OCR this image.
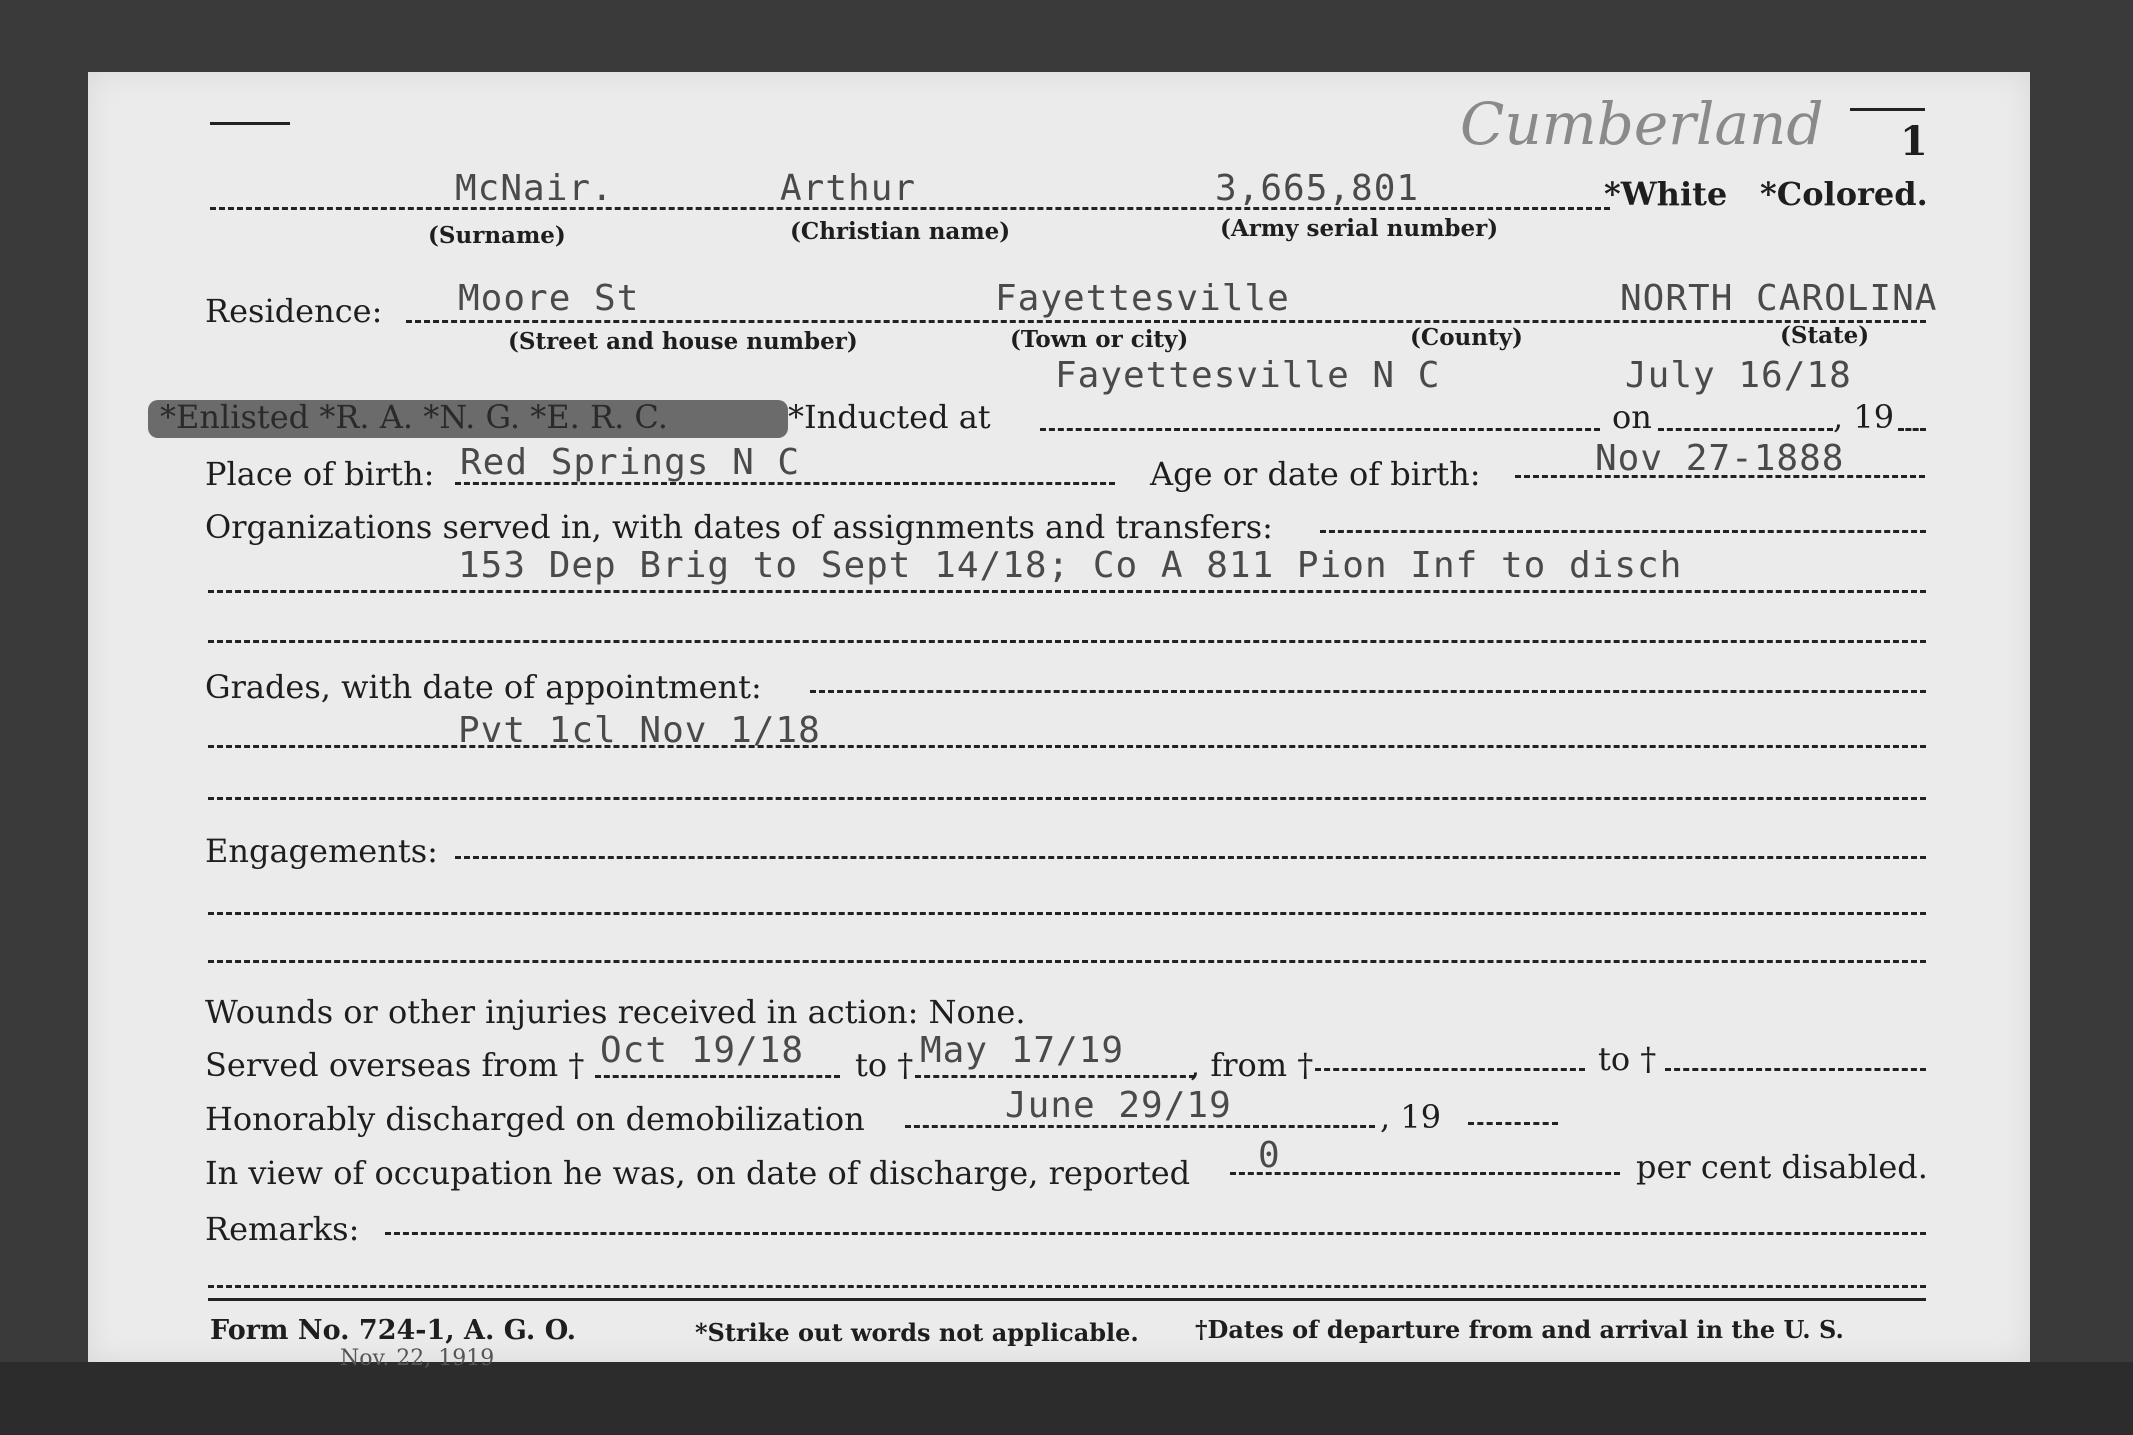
Cumberland 1
McNair.	Arthur	3,665,801	*White *Colored.
(Surname)	(Christian name)	(Army serial number)
Residence: Moore St	Fayettesville	NORTH CAROLINA
(Street and house number)	(Town or city)	(County)	(State)
Fayettesville N C	July 16/18
*Enlisted *R. A. *N. G. *E. R. C.	*Inducted at	on	, 19
Place of birth: Red Springs N C	Age or date of birth:	Nov 27-1888
Organizations served in, with dates of assignments and transfers:
153 Dep Brig to Sept 14/18; Co A 811 Pion Inf to disch
Grades, with date of appointment:
Pvt 1cl Nov 1/18
Engagements:
Wounds or other injuries received in action: None.
Served overseas from † Oct 19/18 to † May 17/19 , from †	to †
Honorably discharged on demobilization	June 29/19	, 19
In view of occupation he was, on date of discharge, reported 0	per cent disabled.
Remarks:
Form No. 724-1, A. G. O.	*Strike out words not applicable. †Dates of departure from and arrival in the U. S.
Nov. 22, 1919
